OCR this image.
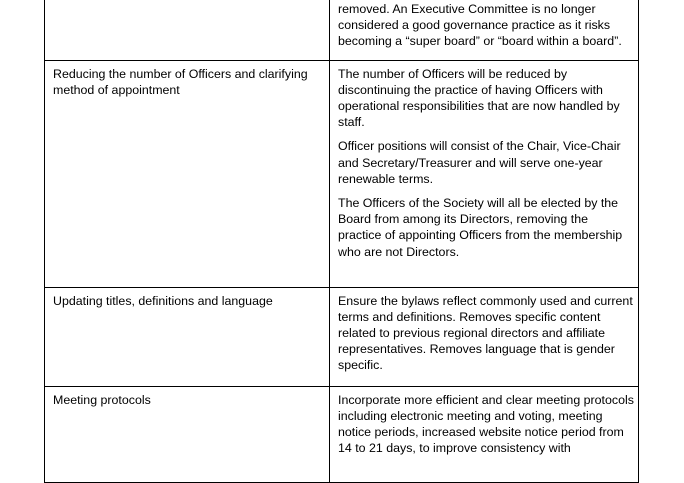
	removed. An Executive Committee is no longer considered a good governance practice as it risks becoming a “super board” or “board within a board”.

Reducing the number of Officers and clarifying method of appointment	The number of Officers will be reduced by discontinuing the practice of having Officers with operational responsibilities that are now handled by staff.

Officer positions will consist of the Chair, Vice-Chair and Secretary/Treasurer and will serve one-year renewable terms.

The Officers of the Society will all be elected by the Board from among its Directors, removing the practice of appointing Officers from the membership who are not Directors.

Updating titles, definitions and language	Ensure the bylaws reflect commonly used and current terms and definitions. Removes specific content related to previous regional directors and affiliate representatives. Removes language that is gender specific.

Meeting protocols	Incorporate more efficient and clear meeting protocols including electronic meeting and voting, meeting notice periods, increased website notice period from 14 to 21 days, to improve consistency with
